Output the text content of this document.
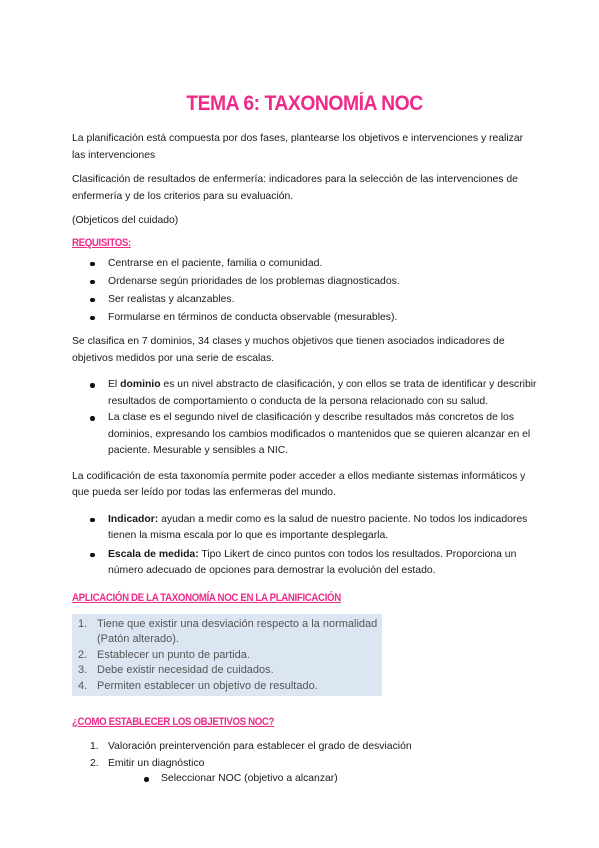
TEMA 6: TAXONOMÍA NOC

La planificación está compuesta por dos fases, plantearse los objetivos e intervenciones y realizar las intervenciones

Clasificación de resultados de enfermería: indicadores para la selección de las intervenciones de enfermería y de los criterios para su evaluación.

(Objeticos del cuidado)

REQUISITOS:
Centrarse en el paciente, familia o comunidad.
Ordenarse según prioridades de los problemas diagnosticados.
Ser realistas y alcanzables.
Formularse en términos de conducta observable (mesurables).

Se clasifica en 7 dominios, 34 clases y muchos objetivos que tienen asociados indicadores de objetivos medidos por una serie de escalas.

El dominio es un nivel abstracto de clasificación, y con ellos se trata de identificar y describir resultados de comportamiento o conducta de la persona relacionado con su salud.
La clase es el segundo nivel de clasificación y describe resultados más concretos de los dominios, expresando los cambios modificados o mantenidos que se quieren alcanzar en el paciente. Mesurable y sensibles a NIC.

La codificación de esta taxonomía permite poder acceder a ellos mediante sistemas informáticos y que pueda ser leído por todas las enfermeras del mundo.

Indicador: ayudan a medir como es la salud de nuestro paciente. No todos los indicadores tienen la misma escala por lo que es importante desplegarla.
Escala de medida: Tipo Likert de cinco puntos con todos los resultados. Proporciona un número adecuado de opciones para demostrar la evolución del estado.
APLICACIÓN DE LA TAXONOMÍA NOC EN LA PLANIFICACIÓN
1. Tiene que existir una desviación respecto a la normalidad
(Patón alterado).
2. Establecer un punto de partida.
3. Debe existir necesidad de cuidados.
4. Permiten establecer un objetivo de resultado.
¿COMO ESTABLECER LOS OBJETIVOS NOC?
1. Valoración preintervención para establecer el grado de desviación
2. Emitir un diagnóstico
Seleccionar NOC (objetivo a alcanzar)
